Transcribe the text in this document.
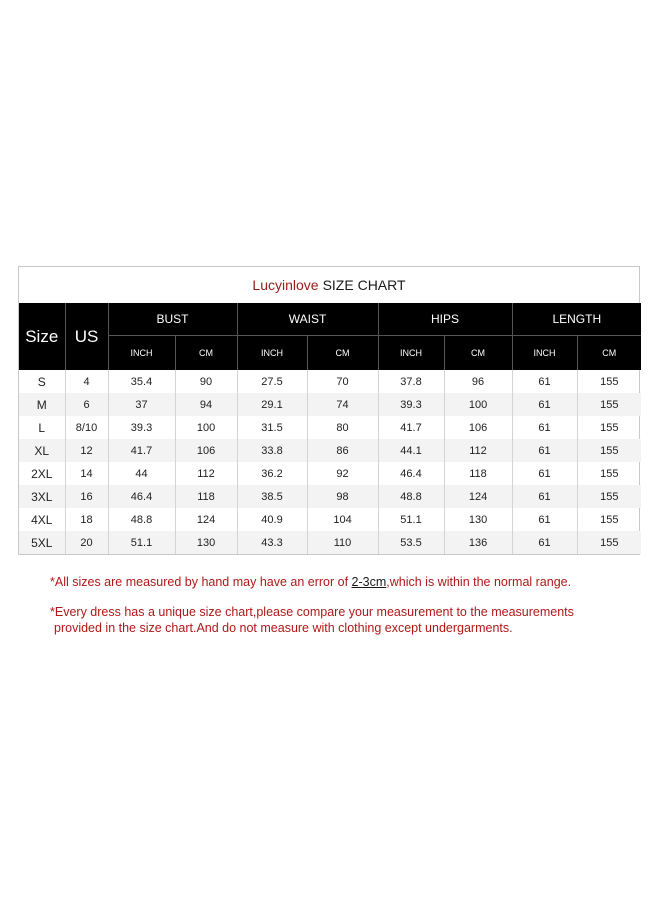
Lucyinlove SIZE CHART
Size	US	BUST		WAIST		HIPS		LENGTH	
		INCH	CM	INCH	CM	INCH	CM	INCH	CM
S	4	35.4	90	27.5	70	37.8	96	61	155
M	6	37	94	29.1	74	39.3	100	61	155
L	8/10	39.3	100	31.5	80	41.7	106	61	155
XL	12	41.7	106	33.8	86	44.1	112	61	155
2XL	14	44	112	36.2	92	46.4	118	61	155
3XL	16	46.4	118	38.5	98	48.8	124	61	155
4XL	18	48.8	124	40.9	104	51.1	130	61	155
5XL	20	51.1	130	43.3	110	53.5	136	61	155

*All sizes are measured by hand may have an error of 2-3cm,which is within the normal range.

*Every dress has a unique size chart,please compare your measurement to the measurements
provided in the size chart.And do not measure with clothing except undergarments.
